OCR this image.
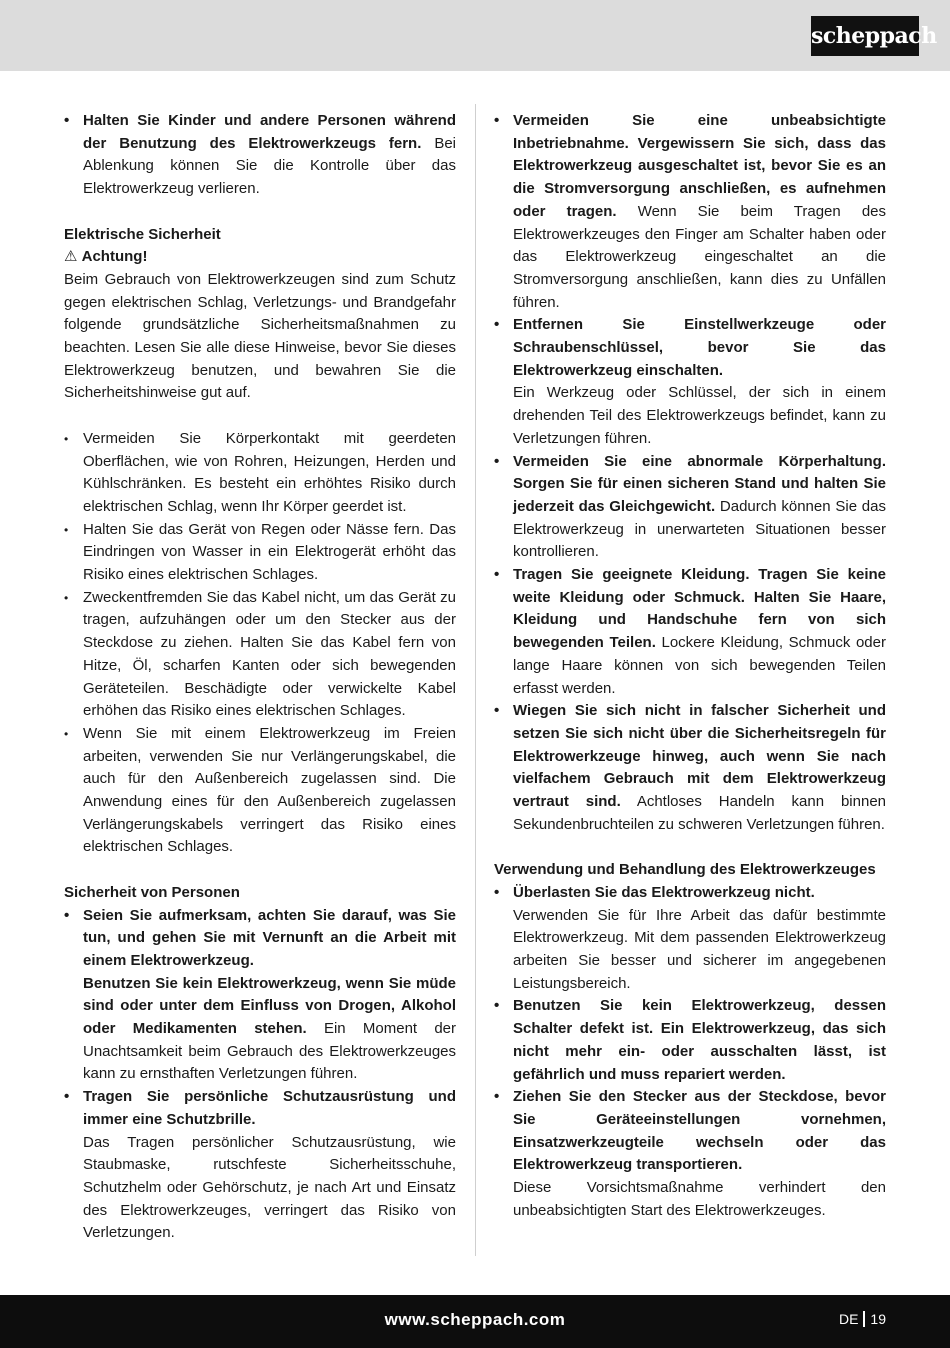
scheppach
• Halten Sie Kinder und andere Personen während der Benutzung des Elektrowerkzeugs fern. Bei Ablenkung können Sie die Kontrolle über das Elektrowerkzeug verlieren.

Elektrische Sicherheit

⚠ Achtung!

Beim Gebrauch von Elektrowerkzeugen sind zum Schutz gegen elektrischen Schlag, Verletzungs- und Brandgefahr folgende grundsätzliche Sicherheitsmaßnahmen zu beachten. Lesen Sie alle diese Hinweise, bevor Sie dieses Elektrowerkzeug benutzen, und bewahren Sie die Sicherheitshinweise gut auf.

• Vermeiden Sie Körperkontakt mit geerdeten Oberflächen, wie von Rohren, Heizungen, Herden und Kühlschränken. Es besteht ein erhöhtes Risiko durch elektrischen Schlag, wenn Ihr Körper geerdet ist.
• Halten Sie das Gerät von Regen oder Nässe fern. Das Eindringen von Wasser in ein Elektrogerät erhöht das Risiko eines elektrischen Schlages.
• Zweckentfremden Sie das Kabel nicht, um das Gerät zu tragen, aufzuhängen oder um den Stecker aus der Steckdose zu ziehen. Halten Sie das Kabel fern von Hitze, Öl, scharfen Kanten oder sich bewegenden Geräteteilen. Beschädigte oder verwickelte Kabel erhöhen das Risiko eines elektrischen Schlages.
• Wenn Sie mit einem Elektrowerkzeug im Freien arbeiten, verwenden Sie nur Verlängerungskabel, die auch für den Außenbereich zugelassen sind. Die Anwendung eines für den Außenbereich zugelassen Verlängerungskabels verringert das Risiko eines elektrischen Schlages.

Sicherheit von Personen

• Seien Sie aufmerksam, achten Sie darauf, was Sie tun, und gehen Sie mit Vernunft an die Arbeit mit einem Elektrowerkzeug.
Benutzen Sie kein Elektrowerkzeug, wenn Sie müde sind oder unter dem Einfluss von Drogen, Alkohol oder Medikamenten stehen. Ein Moment der Unachtsamkeit beim Gebrauch des Elektrowerkzeuges kann zu ernsthaften Verletzungen führen.
• Tragen Sie persönliche Schutzausrüstung und immer eine Schutzbrille.
Das Tragen persönlicher Schutzausrüstung, wie Staubmaske, rutschfeste Sicherheitsschuhe, Schutzhelm oder Gehörschutz, je nach Art und Einsatz des Elektrowerkzeuges, verringert das Risiko von Verletzungen.
• Vermeiden Sie eine unbeabsichtigte Inbetriebnahme. Vergewissern Sie sich, dass das Elektrowerkzeug ausgeschaltet ist, bevor Sie es an die Stromversorgung anschließen, es aufnehmen oder tragen. Wenn Sie beim Tragen des Elektrowerkzeuges den Finger am Schalter haben oder das Elektrowerkzeug eingeschaltet an die Stromversorgung anschließen, kann dies zu Unfällen führen.
• Entfernen Sie Einstellwerkzeuge oder Schraubenschlüssel, bevor Sie das Elektrowerkzeug einschalten.
Ein Werkzeug oder Schlüssel, der sich in einem drehenden Teil des Elektrowerkzeugs befindet, kann zu Verletzungen führen.
• Vermeiden Sie eine abnormale Körperhaltung. Sorgen Sie für einen sicheren Stand und halten Sie jederzeit das Gleichgewicht. Dadurch können Sie das Elektrowerkzeug in unerwarteten Situationen besser kontrollieren.
• Tragen Sie geeignete Kleidung. Tragen Sie keine weite Kleidung oder Schmuck. Halten Sie Haare, Kleidung und Handschuhe fern von sich bewegenden Teilen. Lockere Kleidung, Schmuck oder lange Haare können von sich bewegenden Teilen erfasst werden.
• Wiegen Sie sich nicht in falscher Sicherheit und setzen Sie sich nicht über die Sicherheitsregeln für Elektrowerkzeuge hinweg, auch wenn Sie nach vielfachem Gebrauch mit dem Elektrowerkzeug vertraut sind. Achtloses Handeln kann binnen Sekundenbruchteilen zu schweren Verletzungen führen.

Verwendung und Behandlung des Elektrowerkzeuges

• Überlasten Sie das Elektrowerkzeug nicht.
Verwenden Sie für Ihre Arbeit das dafür bestimmte Elektrowerkzeug. Mit dem passenden Elektrowerkzeug arbeiten Sie besser und sicherer im angegebenen Leistungsbereich.
• Benutzen Sie kein Elektrowerkzeug, dessen Schalter defekt ist. Ein Elektrowerkzeug, das sich nicht mehr ein- oder ausschalten lässt, ist gefährlich und muss repariert werden.
• Ziehen Sie den Stecker aus der Steckdose, bevor Sie Geräteeinstellungen vornehmen, Einsatzwerkzeugteile wechseln oder das Elektrowerkzeug transportieren.
Diese Vorsichtsmaßnahme verhindert den unbeabsichtigten Start des Elektrowerkzeuges.
www.scheppach.com	DE 19
